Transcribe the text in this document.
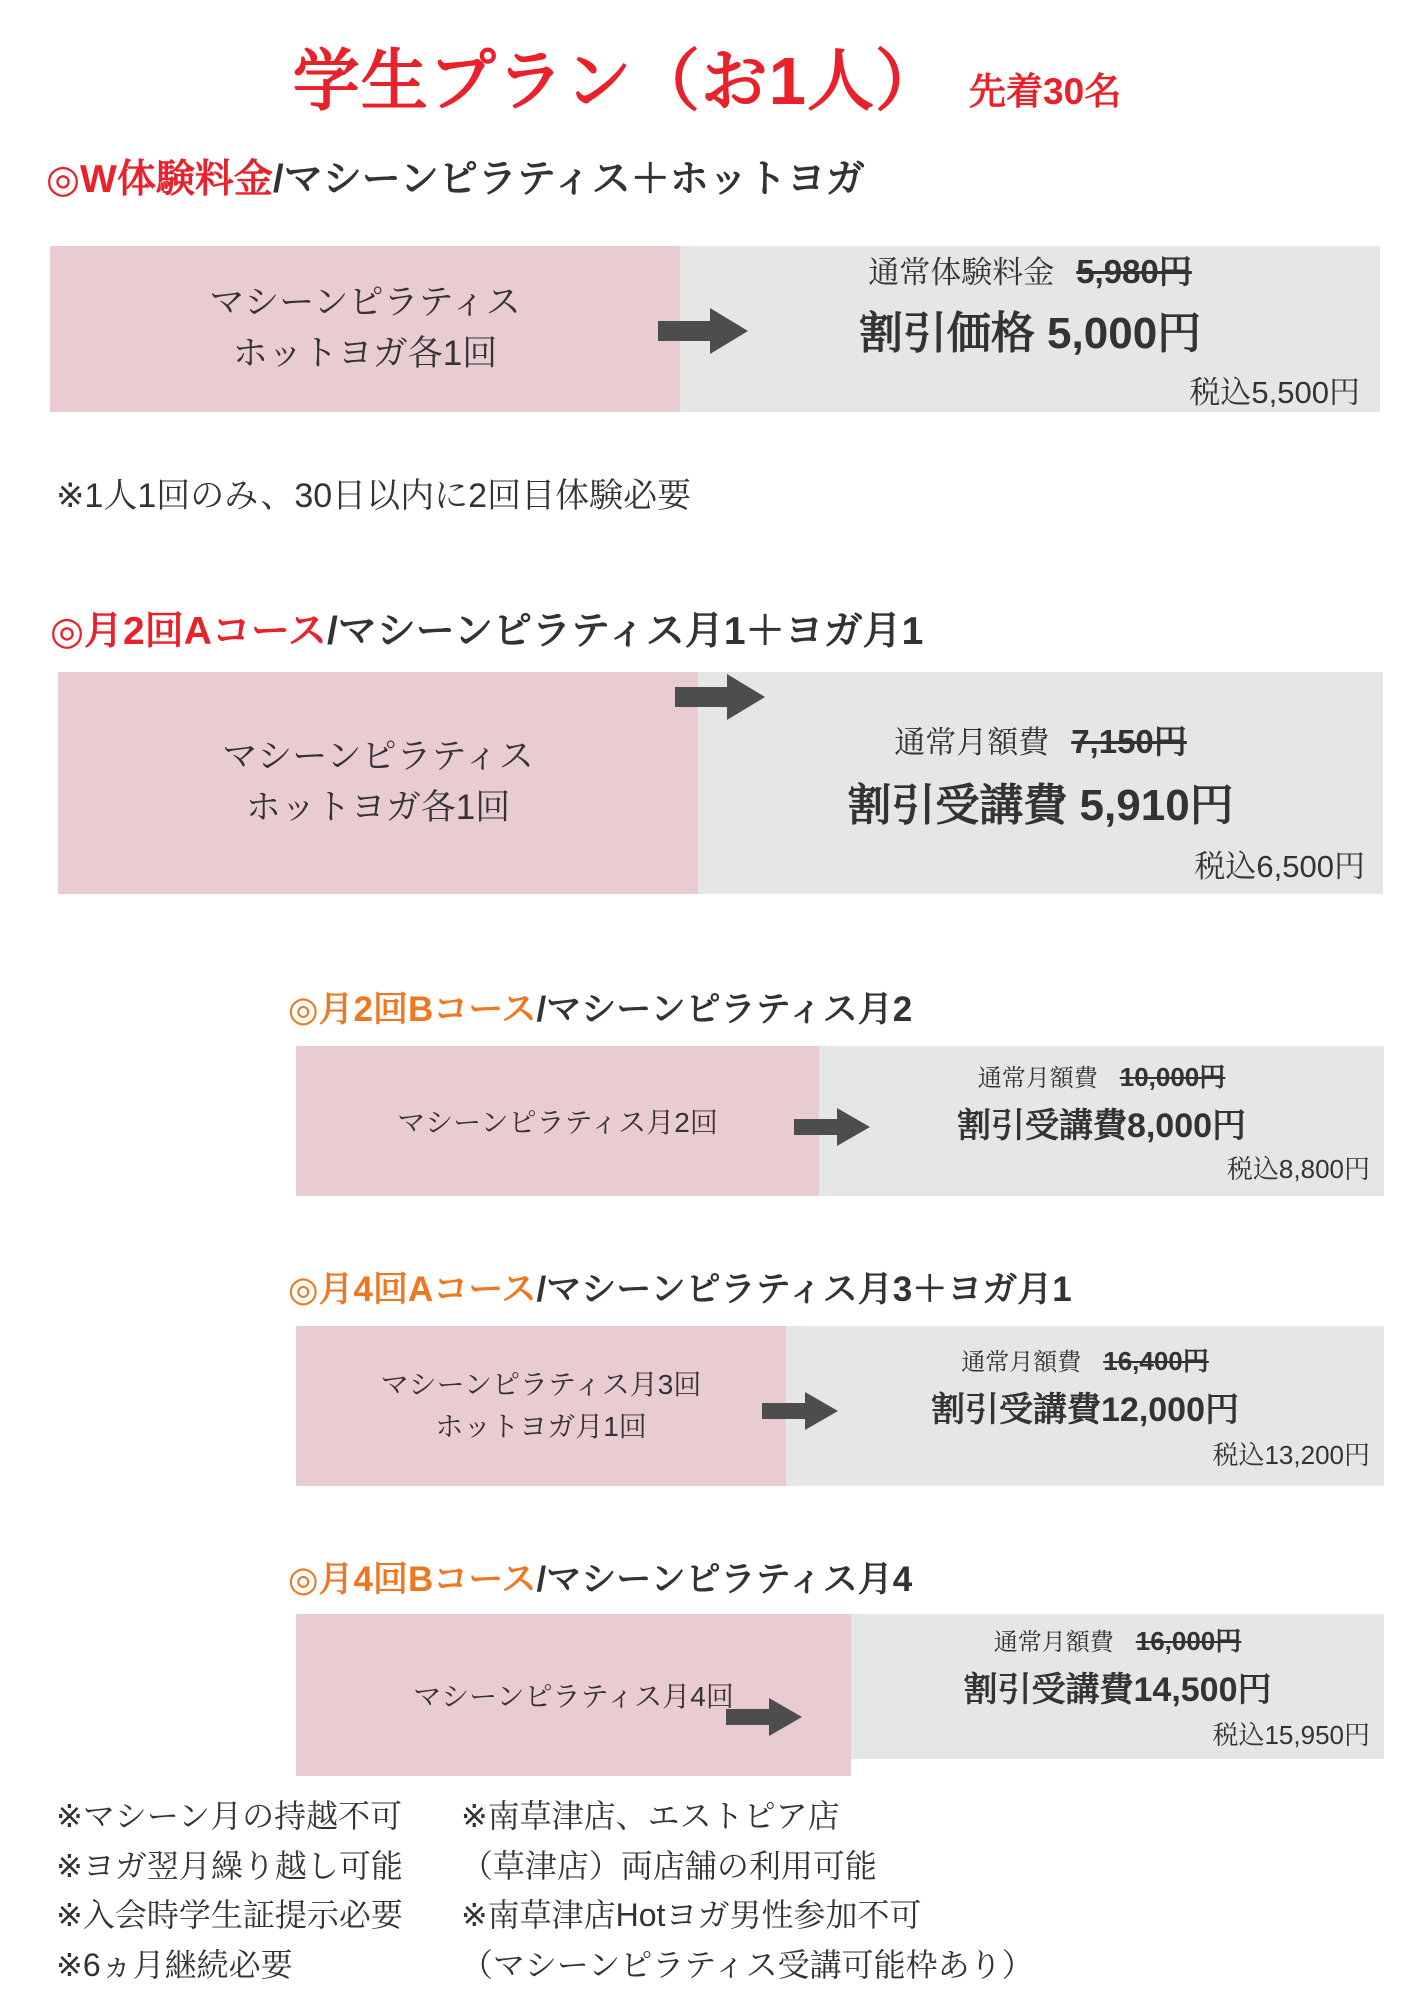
学生プラン（お1人） 先着30名
◎ W体験料金 / マシーンピラティス＋ホットヨガ
マシーンピラティス
ホットヨガ各1回
通常体験料金 5,980円
割引価格 5,000円
税込5,500円
※1人1回のみ、30日以内に2回目体験必要
◎ 月2回Aコース / マシーンピラティス月1＋ヨガ月1
マシーンピラティス
ホットヨガ各1回
通常月額費 7,150円
割引受講費 5,910円
税込6,500円
◎ 月2回Bコース / マシーンピラティス月2
マシーンピラティス月2回
通常月額費 10,000円
割引受講費8,000円
税込8,800円
◎ 月4回Aコース / マシーンピラティス月3＋ヨガ月1
マシーンピラティス月3回
ホットヨガ月1回
通常月額費 16,400円
割引受講費12,000円
税込13,200円
◎ 月4回Bコース / マシーンピラティス月4
マシーンピラティス月4回
通常月額費 16,000円
割引受講費14,500円
税込15,950円
※マシーン月の持越不可
※ヨガ翌月繰り越し可能
※入会時学生証提示必要
※6ヵ月継続必要
※南草津店、エストピア店
（草津店）両店舗の利用可能
※南草津店Hotヨガ男性参加不可
（マシーンピラティス受講可能枠あり）
